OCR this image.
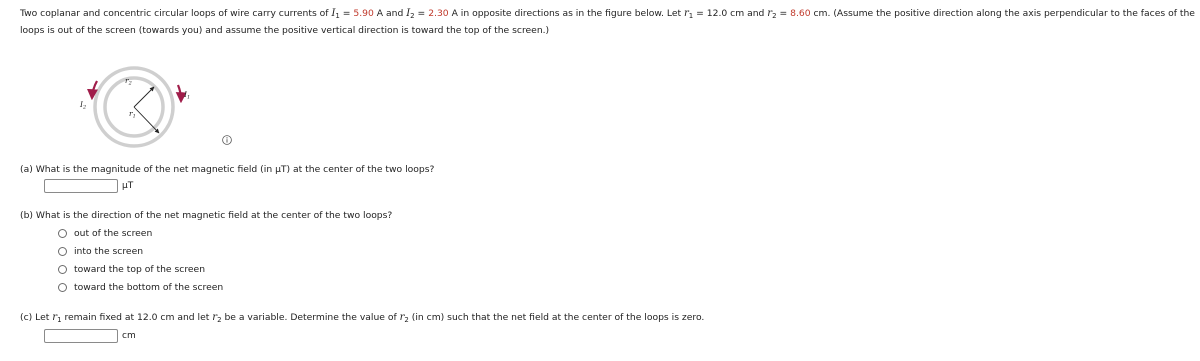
Two coplanar and concentric circular loops of wire carry currents of $I_1 = 5.90$ A and $I_2 = 2.30$ A in opposite directions as in the figure below. Let $r_1 = 12.0$ cm and $r_2 = 8.60$ cm. (Assume the positive direction along the axis perpendicular to the faces of the loops is out of the screen (towards you) and assume the positive vertical direction is toward the top of the screen.)
$r_2$
$I_2$
$r_1$
$I_1$
(a) What is the magnitude of the net magnetic field (in µT) at the center of the two loops?
µT
(b) What is the direction of the net magnetic field at the center of the two loops?
out of the screen
into the screen
toward the top of the screen
toward the bottom of the screen
(c) Let $r_1$ remain fixed at 12.0 cm and let $r_2$ be a variable. Determine the value of $r_2$ (in cm) such that the net field at the center of the loops is zero.
cm
